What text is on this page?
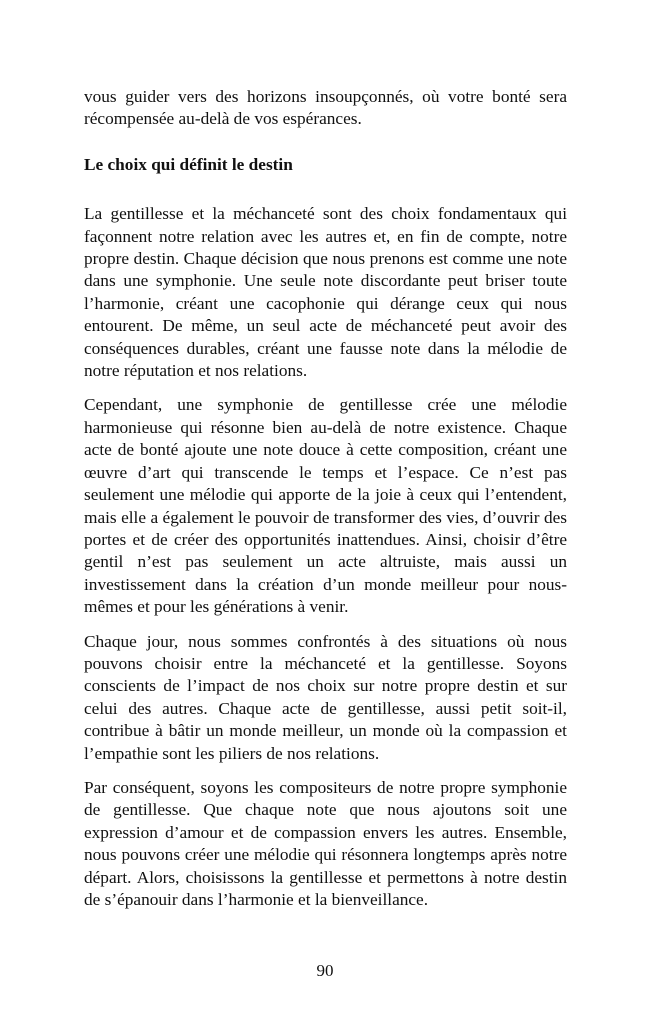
vous guider vers des horizons insoupçonnés, où votre bonté sera récompensée au-delà de vos espérances.

Le choix qui définit le destin

La gentillesse et la méchanceté sont des choix fondamentaux qui façonnent notre relation avec les autres et, en fin de compte, notre propre destin. Chaque décision que nous prenons est comme une note dans une symphonie. Une seule note discordante peut briser toute l’harmonie, créant une cacophonie qui dérange ceux qui nous entourent. De même, un seul acte de méchanceté peut avoir des conséquences durables, créant une fausse note dans la mélodie de notre réputation et nos relations.

Cependant, une symphonie de gentillesse crée une mélodie harmonieuse qui résonne bien au-delà de notre existence. Chaque acte de bonté ajoute une note douce à cette composition, créant une œuvre d’art qui transcende le temps et l’espace. Ce n’est pas seulement une mélodie qui apporte de la joie à ceux qui l’entendent, mais elle a également le pouvoir de transformer des vies, d’ouvrir des portes et de créer des opportunités inattendues. Ainsi, choisir d’être gentil n’est pas seulement un acte altruiste, mais aussi un investissement dans la création d’un monde meilleur pour nous-mêmes et pour les générations à venir.

Chaque jour, nous sommes confrontés à des situations où nous pouvons choisir entre la méchanceté et la gentillesse. Soyons conscients de l’impact de nos choix sur notre propre destin et sur celui des autres. Chaque acte de gentillesse, aussi petit soit-il, contribue à bâtir un monde meilleur, un monde où la compassion et l’empathie sont les piliers de nos relations.

Par conséquent, soyons les compositeurs de notre propre symphonie de gentillesse. Que chaque note que nous ajoutons soit une expression d’amour et de compassion envers les autres. Ensemble, nous pouvons créer une mélodie qui résonnera longtemps après notre départ. Alors, choisissons la gentillesse et permettons à notre destin de s’épanouir dans l’harmonie et la bienveillance.

90
